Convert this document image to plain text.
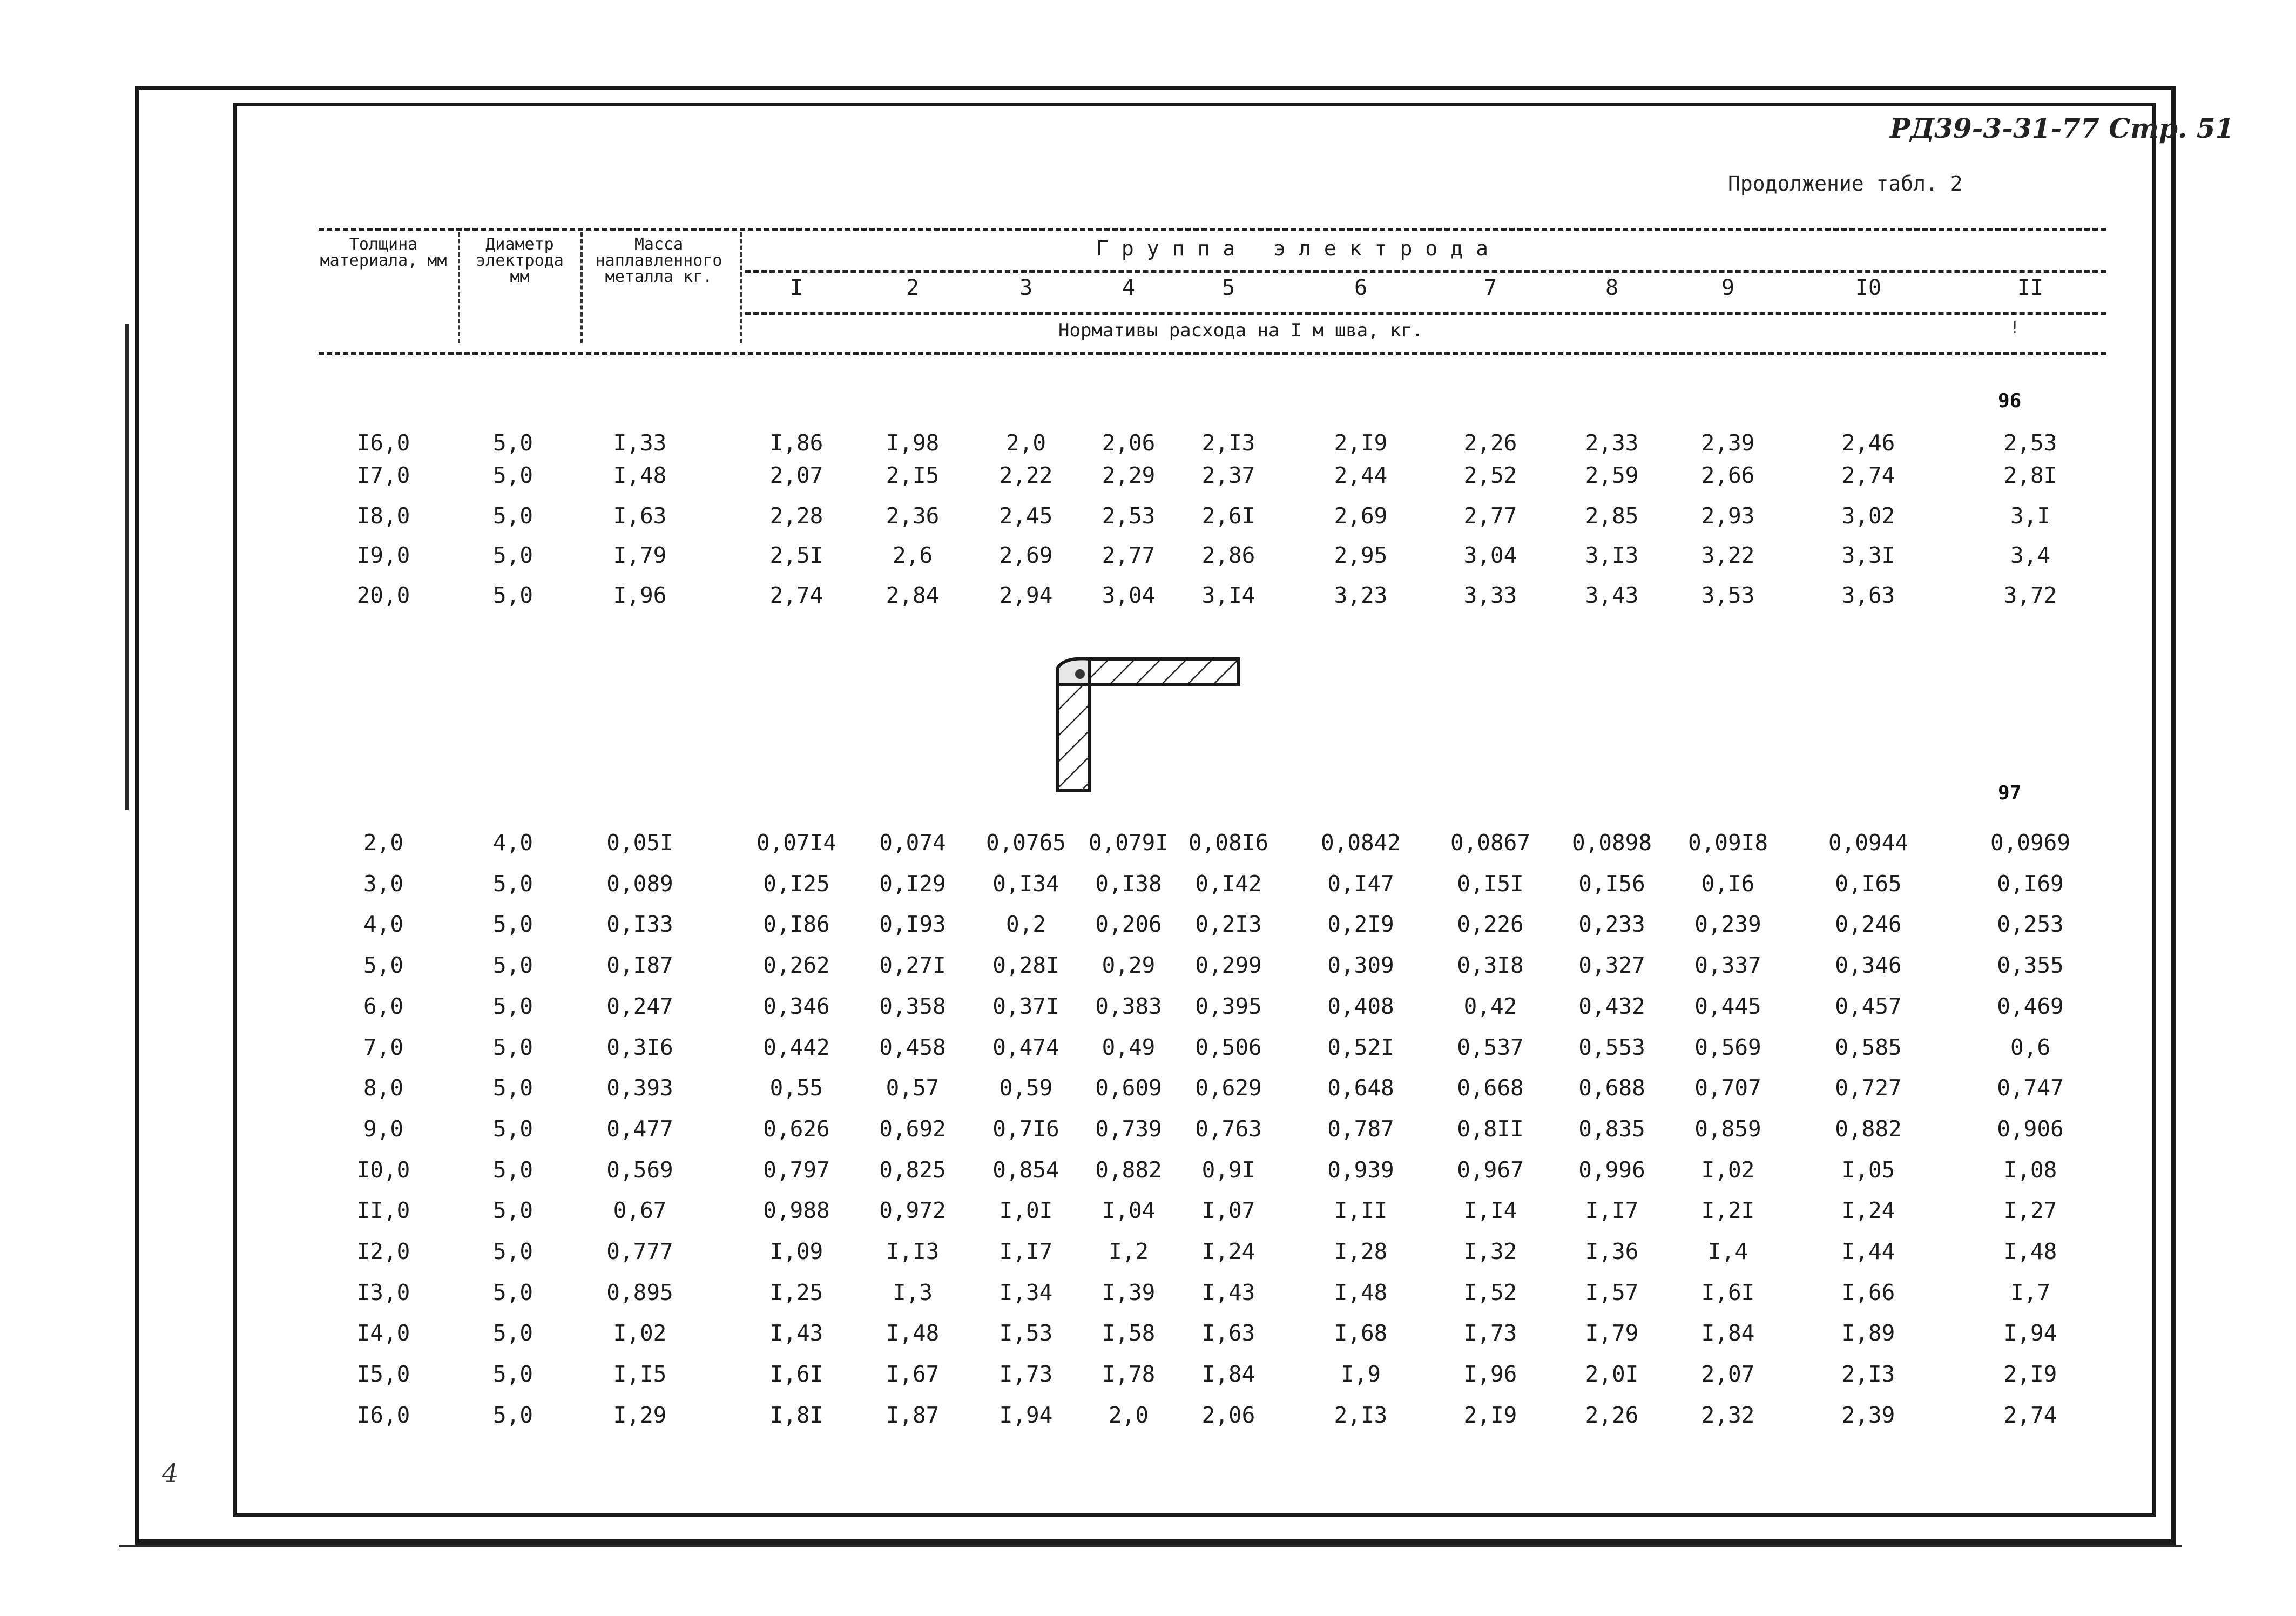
РД39-3-31-77 Стр. 51
Продолжение табл. 2
Толщина материала, мм
Диаметр электрода мм
Масса наплавленного металла кг.
Группа электрода
I	2	3	4	5	6	7	8	9	I0	II
Нормативы расхода на I м шва, кг.	!
96
I6,0	5,0	I,33	I,86	I,98	2,0	2,06	2,I3	2,I9	2,26	2,33	2,39	2,46	2,53
I7,0	5,0	I,48	2,07	2,I5	2,22	2,29	2,37	2,44	2,52	2,59	2,66	2,74	2,8I
I8,0	5,0	I,63	2,28	2,36	2,45	2,53	2,6I	2,69	2,77	2,85	2,93	3,02	3,I
I9,0	5,0	I,79	2,5I	2,6	2,69	2,77	2,86	2,95	3,04	3,I3	3,22	3,3I	3,4
20,0	5,0	I,96	2,74	2,84	2,94	3,04	3,I4	3,23	3,33	3,43	3,53	3,63	3,72
97
2,0	4,0	0,05I	0,07I4	0,074	0,0765	0,079I 0,08I6	0,0842	0,0867	0,0898	0,09I8	0,0944	0,0969
3,0	5,0	0,089	0,I25	0,I29	0,I34	0,I38	0,I42	0,I47	0,I5I	0,I56	0,I6	0,I65	0,I69
4,0	5,0	0,I33	0,I86	0,I93	0,2	0,206	0,2I3	0,2I9	0,226	0,233	0,239	0,246	0,253
5,0	5,0	0,I87	0,262	0,27I	0,28I	0,29	0,299	0,309	0,3I8	0,327	0,337	0,346	0,355
6,0	5,0	0,247	0,346	0,358	0,37I	0,383	0,395	0,408	0,42	0,432	0,445	0,457	0,469
7,0	5,0	0,3I6	0,442	0,458	0,474	0,49	0,506	0,52I	0,537	0,553	0,569	0,585	0,6
8,0	5,0	0,393	0,55	0,57	0,59	0,609	0,629	0,648	0,668	0,688	0,707	0,727	0,747
9,0	5,0	0,477	0,626	0,692	0,7I6	0,739	0,763	0,787	0,8II	0,835	0,859	0,882	0,906
I0,0	5,0	0,569	0,797	0,825	0,854	0,882	0,9I	0,939	0,967	0,996	I,02	I,05	I,08
II,0	5,0	0,67	0,988	0,972	I,0I	I,04	I,07	I,II	I,I4	I,I7	I,2I	I,24	I,27
I2,0	5,0	0,777	I,09	I,I3	I,I7	I,2	I,24	I,28	I,32	I,36	I,4	I,44	I,48
I3,0	5,0	0,895	I,25	I,3	I,34	I,39	I,43	I,48	I,52	I,57	I,6I	I,66	I,7
I4,0	5,0	I,02	I,43	I,48	I,53	I,58	I,63	I,68	I,73	I,79	I,84	I,89	I,94
I5,0	5,0	I,I5	I,6I	I,67	I,73	I,78	I,84	I,9	I,96	2,0I	2,07	2,I3	2,I9
I6,0	5,0	I,29	I,8I	I,87	I,94	2,0	2,06	2,I3	2,I9	2,26	2,32	2,39	2,74
4
